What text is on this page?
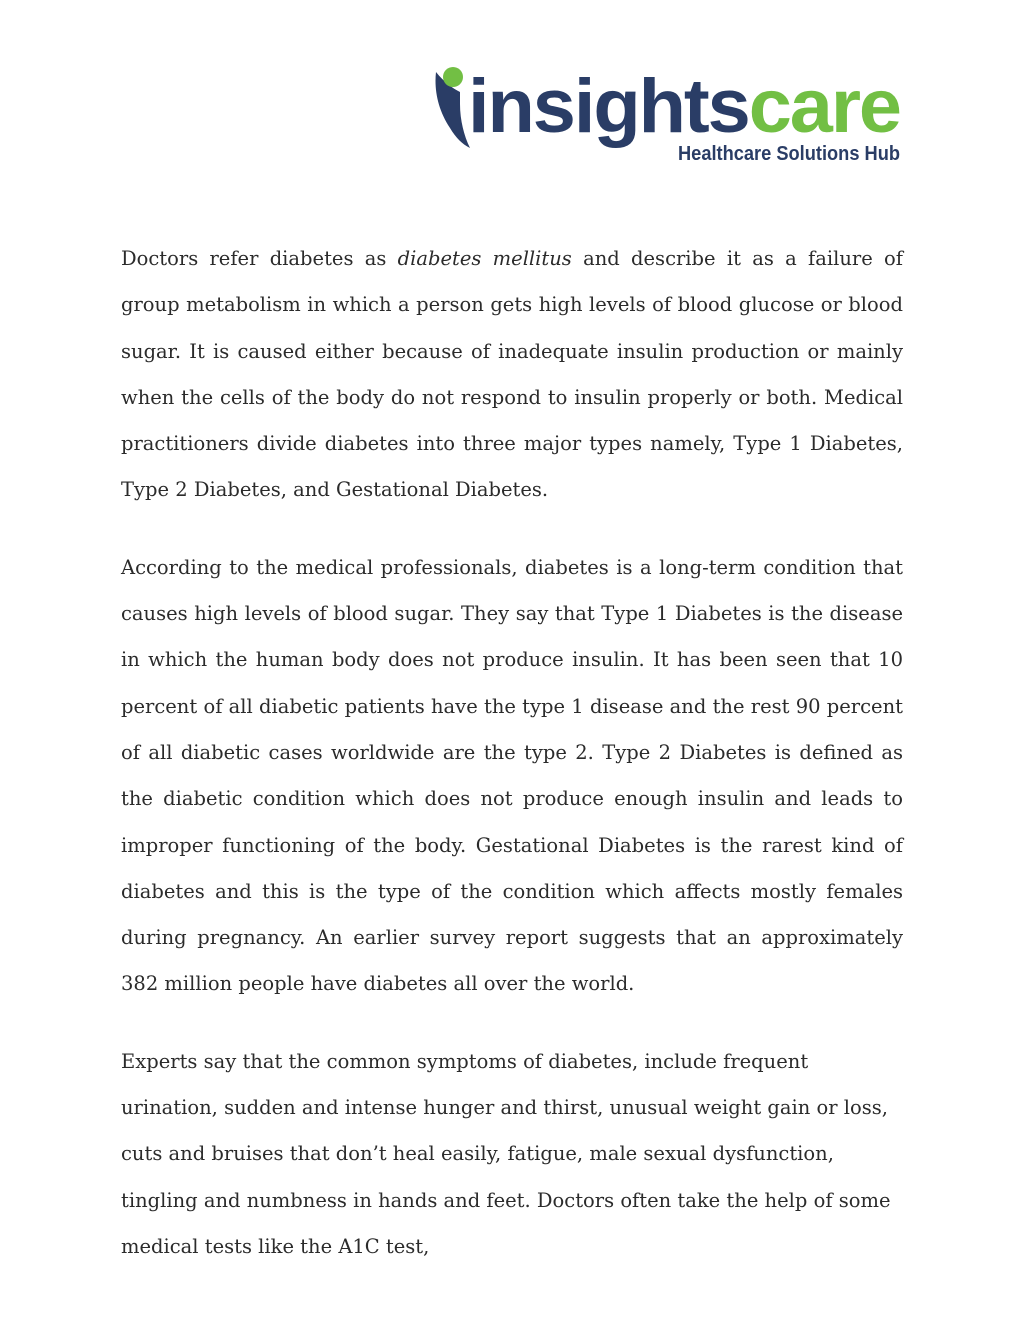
insightscare
Healthcare Solutions Hub

Doctors refer diabetes as diabetes mellitus and describe it as a failure of group metabolism in which a person gets high levels of blood glucose or blood sugar. It is caused either because of inadequate insulin production or mainly when the cells of the body do not respond to insulin properly or both. Medical practitioners divide diabetes into three major types namely, Type 1 Diabetes, Type 2 Diabetes, and Gestational Diabetes.

According to the medical professionals, diabetes is a long-term condition that causes high levels of blood sugar. They say that Type 1 Diabetes is the disease in which the human body does not produce insulin. It has been seen that 10 percent of all diabetic patients have the type 1 disease and the rest 90 percent of all diabetic cases worldwide are the type 2. Type 2 Diabetes is defined as the diabetic condition which does not produce enough insulin and leads to improper functioning of the body. Gestational Diabetes is the rarest kind of diabetes and this is the type of the condition which affects mostly females during pregnancy. An earlier survey report suggests that an approximately 382 million people have diabetes all over the world.

Experts say that the common symptoms of diabetes, include frequent urination, sudden and intense hunger and thirst, unusual weight gain or loss, cuts and bruises that don’t heal easily, fatigue, male sexual dysfunction, tingling and numbness in hands and feet. Doctors often take the help of some medical tests like the A1C test,
